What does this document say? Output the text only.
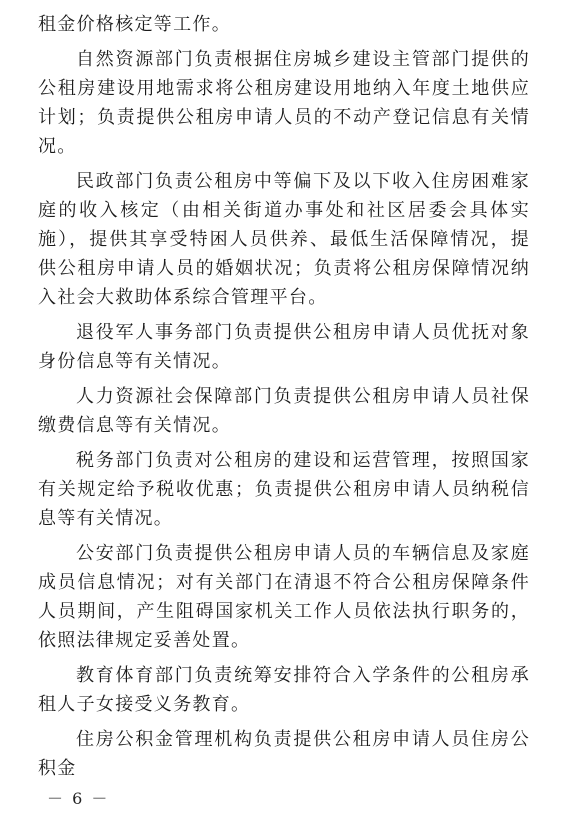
租金价格核定等工作。

自然资源部门负责根据住房城乡建设主管部门提供的公租房建设用地需求将公租房建设用地纳入年度土地供应计划；负责提供公租房申请人员的不动产登记信息有关情况。

民政部门负责公租房中等偏下及以下收入住房困难家庭的收入核定（由相关街道办事处和社区居委会具体实施），提供其享受特困人员供养、最低生活保障情况，提供公租房申请人员的婚姻状况；负责将公租房保障情况纳入社会大救助体系综合管理平台。

退役军人事务部门负责提供公租房申请人员优抚对象身份信息等有关情况。

人力资源社会保障部门负责提供公租房申请人员社保缴费信息等有关情况。

税务部门负责对公租房的建设和运营管理，按照国家有关规定给予税收优惠；负责提供公租房申请人员纳税信息等有关情况。

公安部门负责提供公租房申请人员的车辆信息及家庭成员信息情况；对有关部门在清退不符合公租房保障条件人员期间，产生阻碍国家机关工作人员依法执行职务的，依照法律规定妥善处置。

教育体育部门负责统筹安排符合入学条件的公租房承租人子女接受义务教育。

住房公积金管理机构负责提供公租房申请人员住房公积金

－ 6 －
